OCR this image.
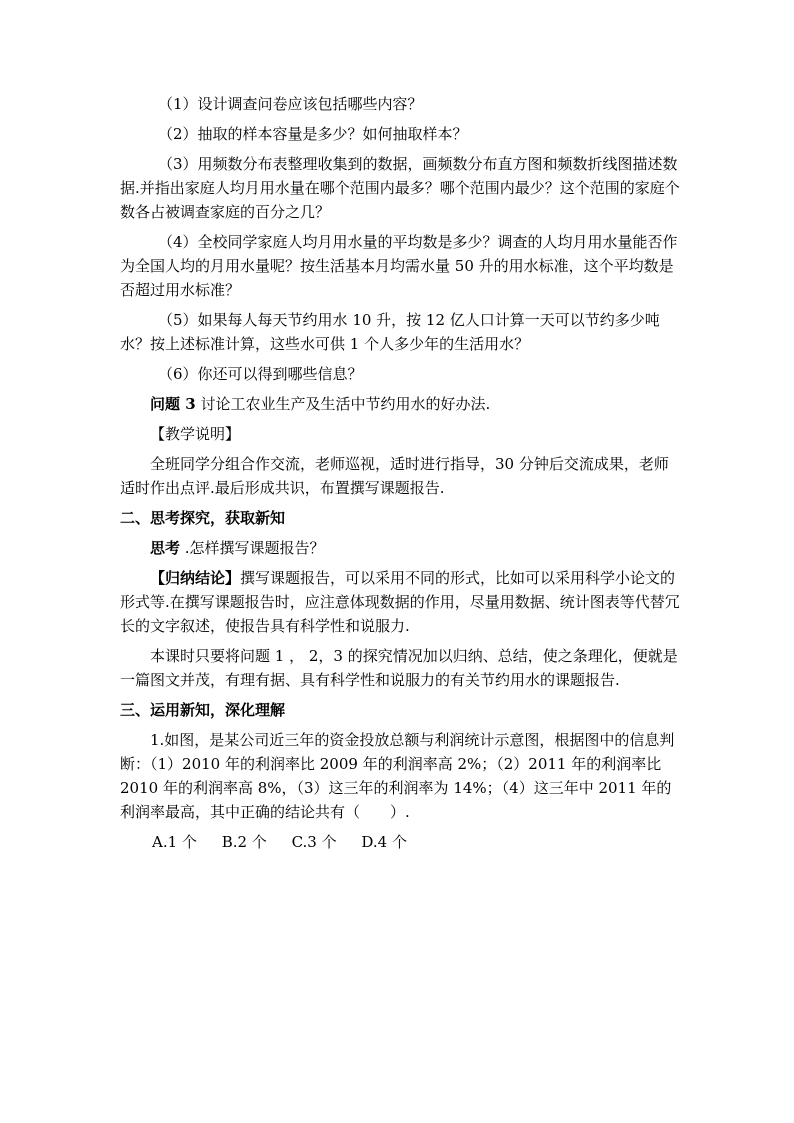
（1）设计调查问卷应该包括哪些内容？

（2）抽取的样本容量是多少？如何抽取样本？

（3）用频数分布表整理收集到的数据，画频数分布直方图和频数折线图描述数据.并指出家庭人均月用水量在哪个范围内最多？哪个范围内最少？这个范围的家庭个数各占被调查家庭的百分之几？

（4）全校同学家庭人均月用水量的平均数是多少？调查的人均月用水量能否作为全国人均的月用水量呢？按生活基本月均需水量 50 升的用水标准，这个平均数是否超过用水标准？

（5）如果每人每天节约用水 10 升，按 12 亿人口计算一天可以节约多少吨水？按上述标准计算，这些水可供 1 个人多少年的生活用水？

（6）你还可以得到哪些信息？

问题 3 讨论工农业生产及生活中节约用水的好办法.

【教学说明】

全班同学分组合作交流，老师巡视，适时进行指导，30 分钟后交流成果，老师适时作出点评.最后形成共识，布置撰写课题报告.

二、思考探究，获取新知

思考 .怎样撰写课题报告？

【归纳结论】撰写课题报告，可以采用不同的形式，比如可以采用科学小论文的形式等.在撰写课题报告时，应注意体现数据的作用，尽量用数据、统计图表等代替冗长的文字叙述，使报告具有科学性和说服力.

本课时只要将问题 1 ， 2，3 的探究情况加以归纳、总结，使之条理化，便就是一篇图文并茂，有理有据、具有科学性和说服力的有关节约用水的课题报告.

三、运用新知，深化理解

1.如图，是某公司近三年的资金投放总额与利润统计示意图，根据图中的信息判断：（1）2010 年的利润率比 2009 年的利润率高 2%；（2）2011 年的利润率比 2010 年的利润率高 8%，（3）这三年的利润率为 14%；（4）这三年中 2011 年的利润率最高，其中正确的结论共有（　　）.

A.1 个 B.2 个 C.3 个 D.4 个
